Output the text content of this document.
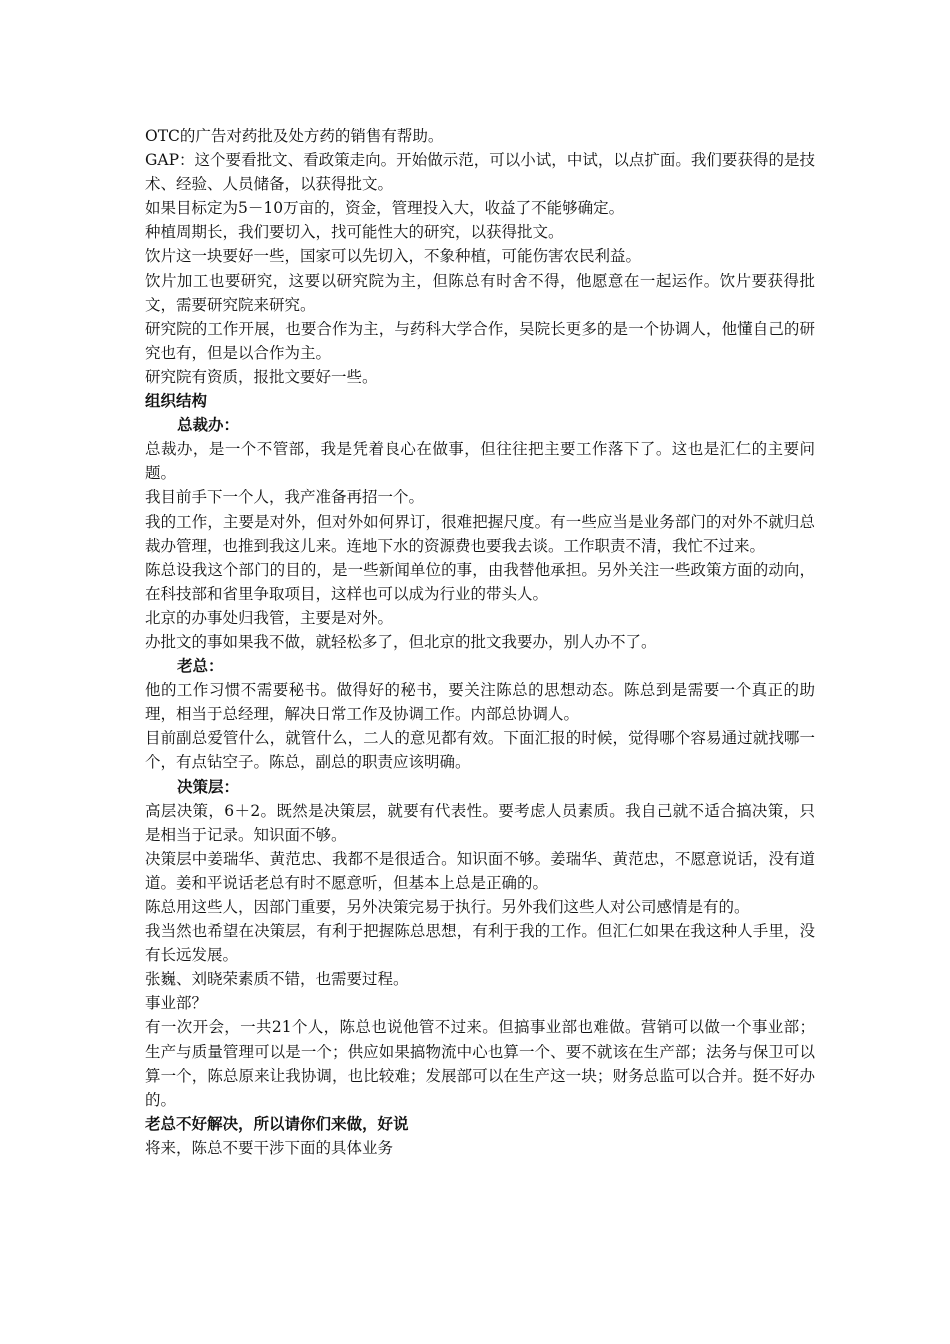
OTC的广告对药批及处方药的销售有帮助。

GAP：这个要看批文、看政策走向。开始做示范，可以小试，中试，以点扩面。我们要获得的是技术、经验、人员储备，以获得批文。

如果目标定为5－10万亩的，资金，管理投入大，收益了不能够确定。

种植周期长，我们要切入，找可能性大的研究，以获得批文。

饮片这一块要好一些，国家可以先切入，不象种植，可能伤害农民利益。

饮片加工也要研究，这要以研究院为主，但陈总有时舍不得，他愿意在一起运作。饮片要获得批文，需要研究院来研究。

研究院的工作开展，也要合作为主，与药科大学合作，吴院长更多的是一个协调人，他懂自己的研究也有，但是以合作为主。

研究院有资质，报批文要好一些。

组织结构

总裁办：

总裁办，是一个不管部，我是凭着良心在做事，但往往把主要工作落下了。这也是汇仁的主要问题。

我目前手下一个人，我产准备再招一个。

我的工作，主要是对外，但对外如何界订，很难把握尺度。有一些应当是业务部门的对外不就归总裁办管理，也推到我这儿来。连地下水的资源费也要我去谈。工作职责不清，我忙不过来。

陈总设我这个部门的目的，是一些新闻单位的事，由我替他承担。另外关注一些政策方面的动向，在科技部和省里争取项目，这样也可以成为行业的带头人。

北京的办事处归我管，主要是对外。

办批文的事如果我不做，就轻松多了，但北京的批文我要办，别人办不了。

老总：

他的工作习惯不需要秘书。做得好的秘书，要关注陈总的思想动态。陈总到是需要一个真正的助理，相当于总经理，解决日常工作及协调工作。内部总协调人。

目前副总爱管什么，就管什么，二人的意见都有效。下面汇报的时候，觉得哪个容易通过就找哪一个，有点钻空子。陈总，副总的职责应该明确。

决策层：

高层决策，6＋2。既然是决策层，就要有代表性。要考虑人员素质。我自己就不适合搞决策，只是相当于记录。知识面不够。

决策层中姜瑞华、黄范忠、我都不是很适合。知识面不够。姜瑞华、黄范忠，不愿意说话，没有道道。姜和平说话老总有时不愿意听，但基本上总是正确的。

陈总用这些人，因部门重要，另外决策完易于执行。另外我们这些人对公司感情是有的。

我当然也希望在决策层，有利于把握陈总思想，有利于我的工作。但汇仁如果在我这种人手里，没有长远发展。

张巍、刘晓荣素质不错，也需要过程。

事业部？

有一次开会，一共21个人，陈总也说他管不过来。但搞事业部也难做。营销可以做一个事业部；生产与质量管理可以是一个；供应如果搞物流中心也算一个、要不就该在生产部；法务与保卫可以算一个，陈总原来让我协调，也比较难；发展部可以在生产这一块；财务总监可以合并。挺不好办的。

老总不好解决，所以请你们来做，好说

将来，陈总不要干涉下面的具体业务
